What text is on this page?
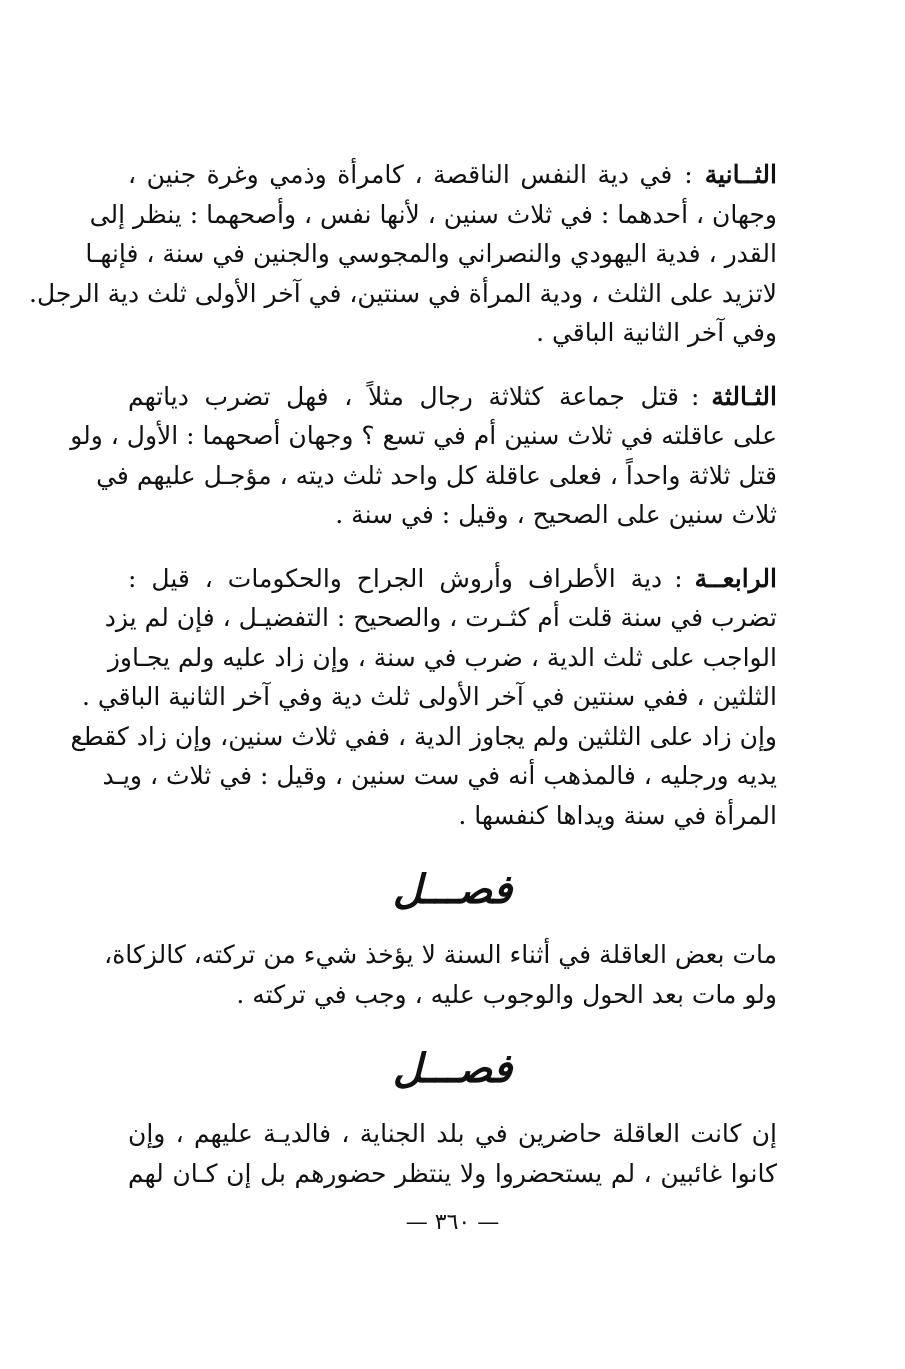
الثــانية:في دية النفس الناقصة ، كامرأة وذمي وغرة جنين ،
وجهان ، أحدهما : في ثلاث سنين ، لأنها نفس ، وأصحهما : ينظر إلى
القدر ، فدية اليهودي والنصراني والمجوسي والجنين في سنة ، فإنهـا
لاتزيد على الثلث ، ودية المرأة في سنتين، في آخر الأولى ثلث دية الرجل.
وفي آخر الثانية الباقي .
الثـالثة:قتل جماعة كثلاثة رجال مثلاً ، فهل تضرب دياتهم
على عاقلته في ثلاث سنين أم في تسع ؟ وجهان أصحهما : الأول ، ولو
قتل ثلاثة واحداً ، فعلى عاقلة كل واحد ثلث ديته ، مؤجـل عليهم في
ثلاث سنين على الصحيح ، وقيل : في سنة .
الرابعــة:دية الأطراف وأروش الجراح والحكومات ، قيل :
تضرب في سنة قلت أم كثـرت ، والصحيح : التفضيـل ، فإن لم يزد
الواجب على ثلث الدية ، ضرب في سنة ، وإن زاد عليه ولم يجـاوز
الثلثين ، ففي سنتين في آخر الأولى ثلث دية وفي آخر الثانية الباقي .
وإن زاد على الثلثين ولم يجاوز الدية ، ففي ثلاث سنين، وإن زاد كقطع
يديه ورجليه ، فالمذهب أنه في ست سنين ، وقيل : في ثلاث ، ويـد
المرأة في سنة ويداها كنفسها .
فصـــل
مات بعض العاقلة في أثناء السنة لا يؤخذ شيء من تركته، كالزكاة،
ولو مات بعد الحول والوجوب عليه ، وجب في تركته .
فصـــل
إن كانت العاقلة حاضرين في بلد الجناية ، فالديـة عليهم ، وإن
كانوا غائبين ، لم يستحضروا ولا ينتظر حضورهم بل إن كـان لهم
— ٣٦٠ —
